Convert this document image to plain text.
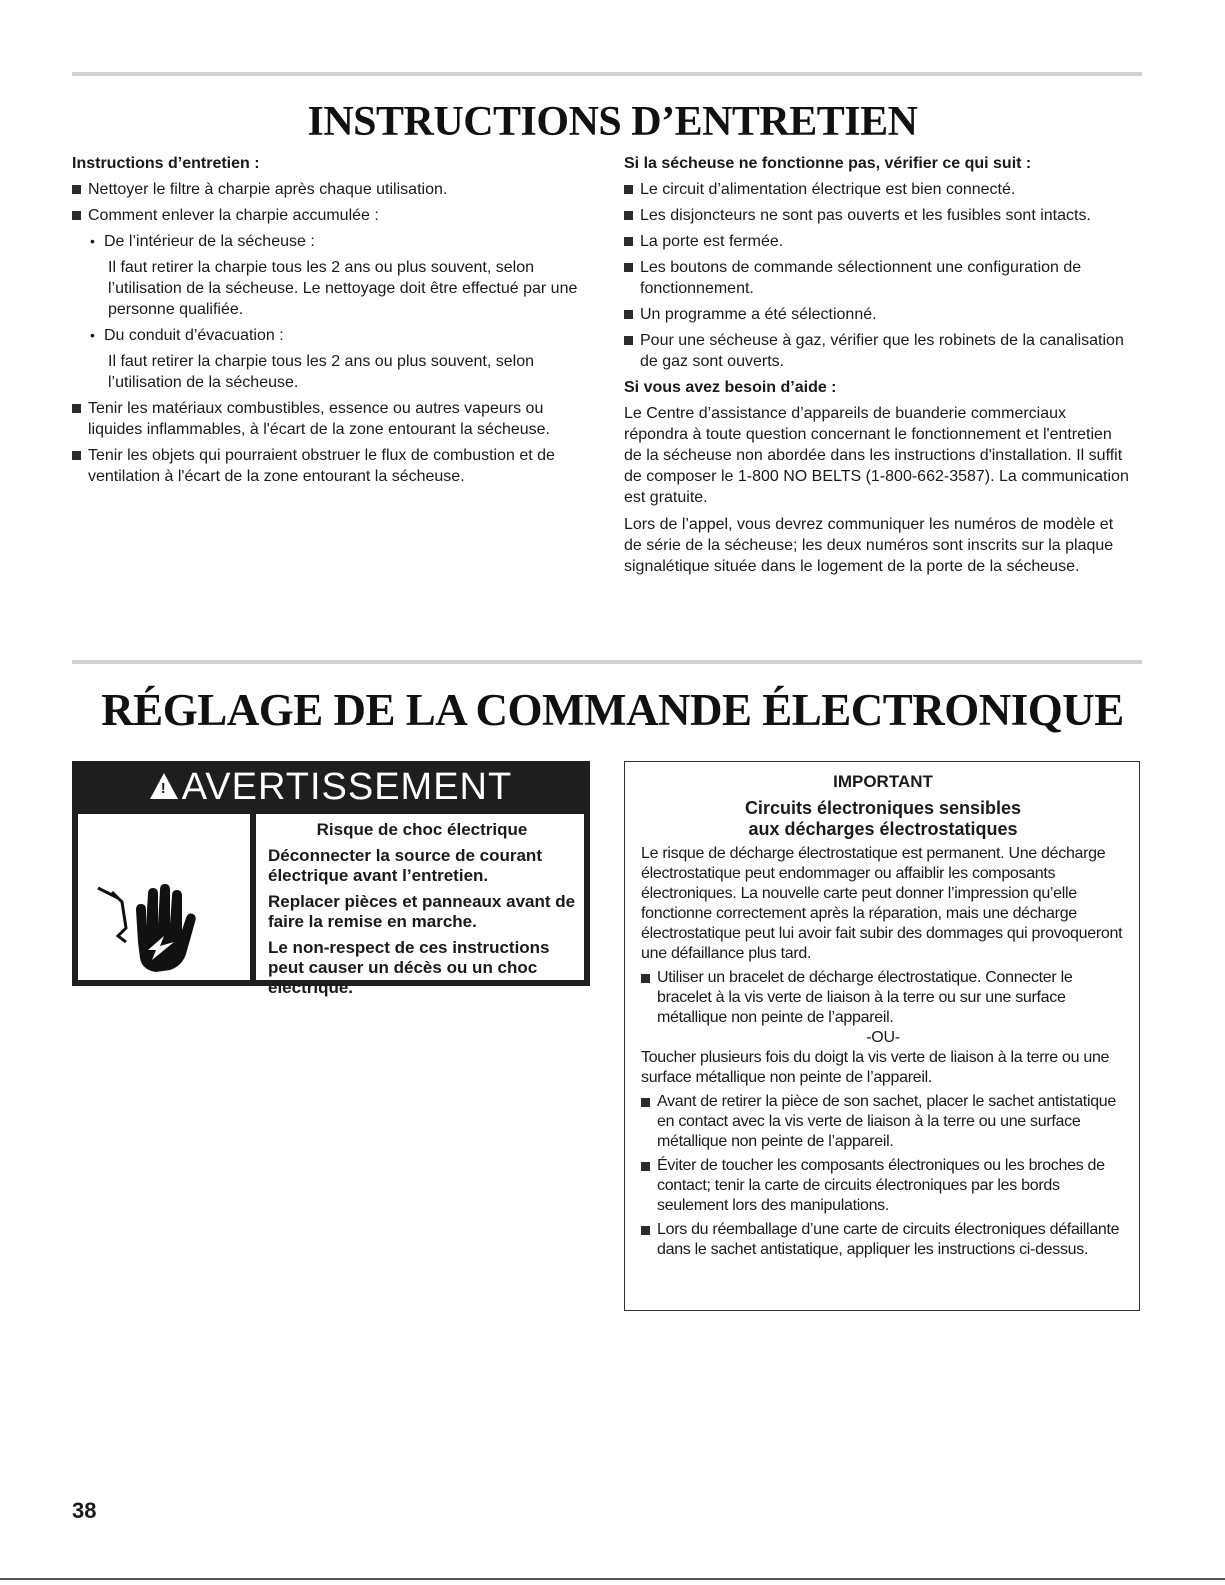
INSTRUCTIONS D’ENTRETIEN

Instructions d’entretien :

Nettoyer le filtre à charpie après chaque utilisation.
Comment enlever la charpie accumulée :
• De l’intérieur de la sécheuse :

Il faut retirer la charpie tous les 2 ans ou plus souvent, selon l’utilisation de la sécheuse. Le nettoyage doit être effectué par une personne qualifiée.

• Du conduit d’évacuation :

Il faut retirer la charpie tous les 2 ans ou plus souvent, selon l’utilisation de la sécheuse.

Tenir les matériaux combustibles, essence ou autres vapeurs ou liquides inflammables, à l'écart de la zone entourant la sécheuse.
Tenir les objets qui pourraient obstruer le flux de combustion et de ventilation à l'écart de la zone entourant la sécheuse.

Si la sécheuse ne fonctionne pas, vérifier ce qui suit :

Le circuit d’alimentation électrique est bien connecté.
Les disjoncteurs ne sont pas ouverts et les fusibles sont intacts.
La porte est fermée.
Les boutons de commande sélectionnent une configuration de fonctionnement.
Un programme a été sélectionné.
Pour une sécheuse à gaz, vérifier que les robinets de la canalisation de gaz sont ouverts.

Si vous avez besoin d’aide :

Le Centre d’assistance d’appareils de buanderie commerciaux répondra à toute question concernant le fonctionnement et l'entretien de la sécheuse non abordée dans les instructions d'installation. Il suffit de composer le 1-800 NO BELTS (1-800-662-3587). La communication est gratuite.

Lors de l’appel, vous devrez communiquer les numéros de modèle et de série de la sécheuse; les deux numéros sont inscrits sur la plaque signalétique située dans le logement de la porte de la sécheuse.

RÉGLAGE DE LA COMMANDE ÉLECTRONIQUE
! AVERTISSEMENT

Risque de choc électrique

Déconnecter la source de courant électrique avant l’entretien.

Replacer pièces et panneaux avant de faire la remise en marche.

Le non-respect de ces instructions peut causer un décès ou un choc électrique.

IMPORTANT

Circuits électroniques sensibles

aux décharges électrostatiques

Le risque de décharge électrostatique est permanent. Une décharge électrostatique peut endommager ou affaiblir les composants électroniques. La nouvelle carte peut donner l’impression qu’elle fonctionne correctement après la réparation, mais une décharge électrostatique peut lui avoir fait subir des dommages qui provoqueront une défaillance plus tard.

Utiliser un bracelet de décharge électrostatique. Connecter le bracelet à la vis verte de liaison à la terre ou sur une surface métallique non peinte de l’appareil.

-OU-

Toucher plusieurs fois du doigt la vis verte de liaison à la terre ou une surface métallique non peinte de l’appareil.

Avant de retirer la pièce de son sachet, placer le sachet antistatique en contact avec la vis verte de liaison à la terre ou une surface métallique non peinte de l’appareil.
Éviter de toucher les composants électroniques ou les broches de contact; tenir la carte de circuits électroniques par les bords seulement lors des manipulations.
Lors du réemballage d’une carte de circuits électroniques défaillante dans le sachet antistatique, appliquer les instructions ci-dessus.
38
